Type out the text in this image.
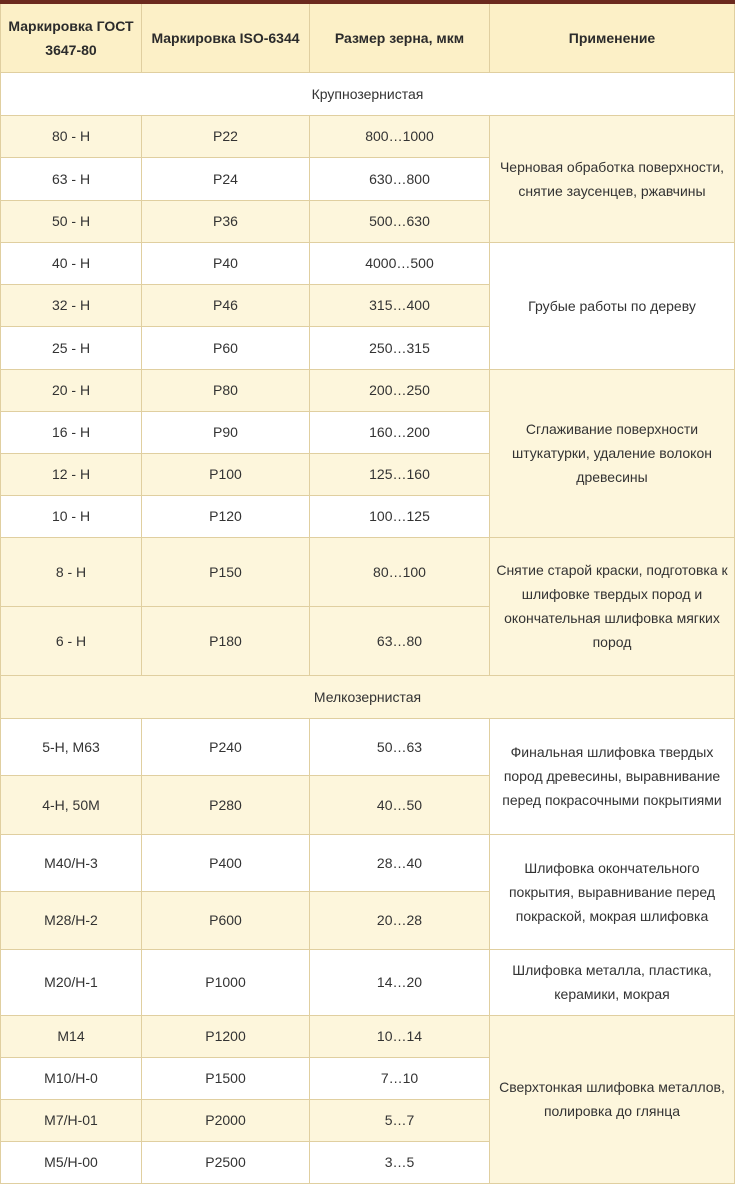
Маркировка ГОСТ 3647-80	Маркировка ISO-6344	Размер зерна, мкм	Применение
Крупнозернистая			
80 - Н	P22	800…1000	Черновая обработка поверхности, снятие заусенцев, ржавчины
63 - Н	P24	630…800	
50 - Н	P36	500…630	
40 - Н	P40	4000…500	Грубые работы по дереву
32 - Н	P46	315…400	
25 - Н	P60	250…315	
20 - Н	P80	200…250	Сглаживание поверхности штукатурки, удаление волокон древесины
16 - Н	P90	160…200	
12 - Н	P100	125…160	
10 - Н	P120	100…125	
8 - Н	P150	80…100	Снятие старой краски, подготовка к шлифовке твердых пород и окончательная шлифовка мягких пород
6 - Н	P180	63…80	
Мелкозернистая			
5-Н, М63	P240	50…63	Финальная шлифовка твердых пород древесины, выравнивание перед покрасочными покрытиями
4-Н, 50М	P280	40…50	
М40/Н-3	P400	28…40	Шлифовка окончательного покрытия, выравнивание перед покраской, мокрая шлифовка
М28/Н-2	P600	20…28	
М20/Н-1	P1000	14…20	Шлифовка металла, пластика, керамики, мокрая
М14	P1200	10…14	Сверхтонкая шлифовка металлов, полировка до глянца
М10/Н-0	P1500	7…10	
М7/Н-01	P2000	5…7	
М5/Н-00	P2500	3…5	
